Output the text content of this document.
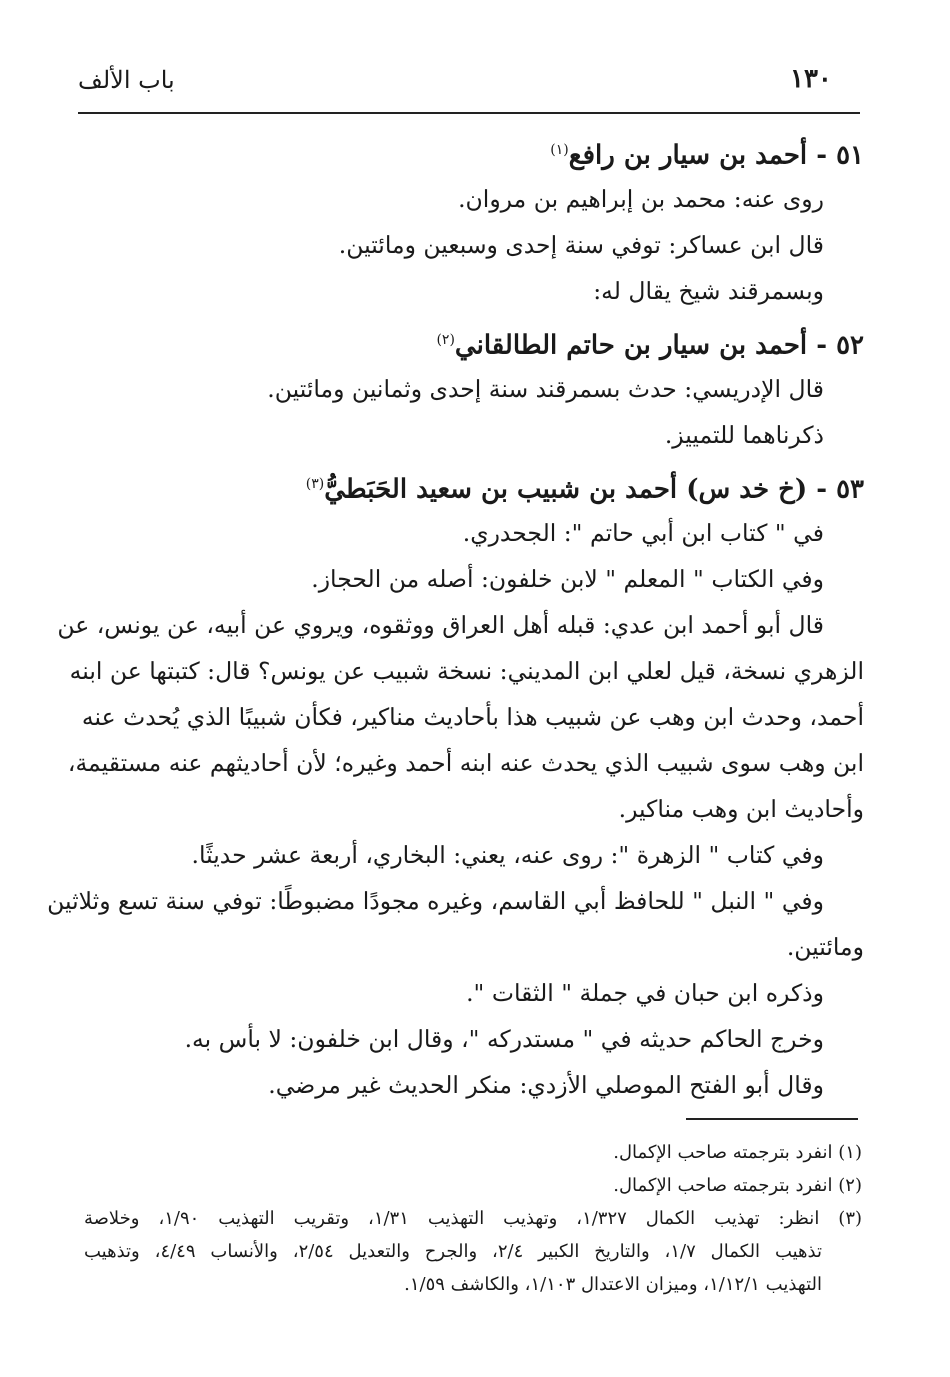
١٣٠
باب الألف
٥١ - أحمد بن سيار بن رافع$^{(١)}$
روى عنه: محمد بن إبراهيم بن مروان.
قال ابن عساكر: توفي سنة إحدى وسبعين ومائتين.
وبسمرقند شيخ يقال له:
٥٢ - أحمد بن سيار بن حاتم الطالقاني$^{(٢)}$
قال الإدريسي: حدث بسمرقند سنة إحدى وثمانين ومائتين.
ذكرناهما للتمييز.
٥٣ - (خ خد س) أحمد بن شبيب بن سعيد الحَبَطيُّ$^{(٣)}$
في " كتاب ابن أبي حاتم ": الجحدري.
وفي الكتاب " المعلم " لابن خلفون: أصله من الحجاز.
قال أبو أحمد ابن عدي: قبله أهل العراق ووثقوه، ويروي عن أبيه، عن يونس، عن
الزهري نسخة، قيل لعلي ابن المديني: نسخة شبيب عن يونس؟ قال: كتبتها عن ابنه
أحمد، وحدث ابن وهب عن شبيب هذا بأحاديث مناكير، فكأن شبيبًا الذي يُحدث عنه
ابن وهب سوى شبيب الذي يحدث عنه ابنه أحمد وغيره؛ لأن أحاديثهم عنه مستقيمة،
وأحاديث ابن وهب مناكير.
وفي كتاب " الزهرة ": روى عنه، يعني: البخاري، أربعة عشر حديثًا.
وفي " النبل " للحافظ أبي القاسم، وغيره مجودًا مضبوطًا: توفي سنة تسع وثلاثين
ومائتين.
وذكره ابن حبان في جملة " الثقات ".
وخرج الحاكم حديثه في " مستدركه "، وقال ابن خلفون: لا بأس به.
وقال أبو الفتح الموصلي الأزدي: منكر الحديث غير مرضي.
(١) انفرد بترجمته صاحب الإكمال.
(٢) انفرد بترجمته صاحب الإكمال.
(٣) انظر: تهذيب الكمال ١/٣٢٧، وتهذيب التهذيب ١/٣١، وتقريب التهذيب ١/٩٠، وخلاصة
تذهيب الكمال ١/٧، والتاريخ الكبير ٢/٤، والجرح والتعديل ٢/٥٤، والأنساب ٤/٤٩، وتذهيب
التهذيب ١/١٢/١، وميزان الاعتدال ١/١٠٣، والكاشف ١/٥٩.
